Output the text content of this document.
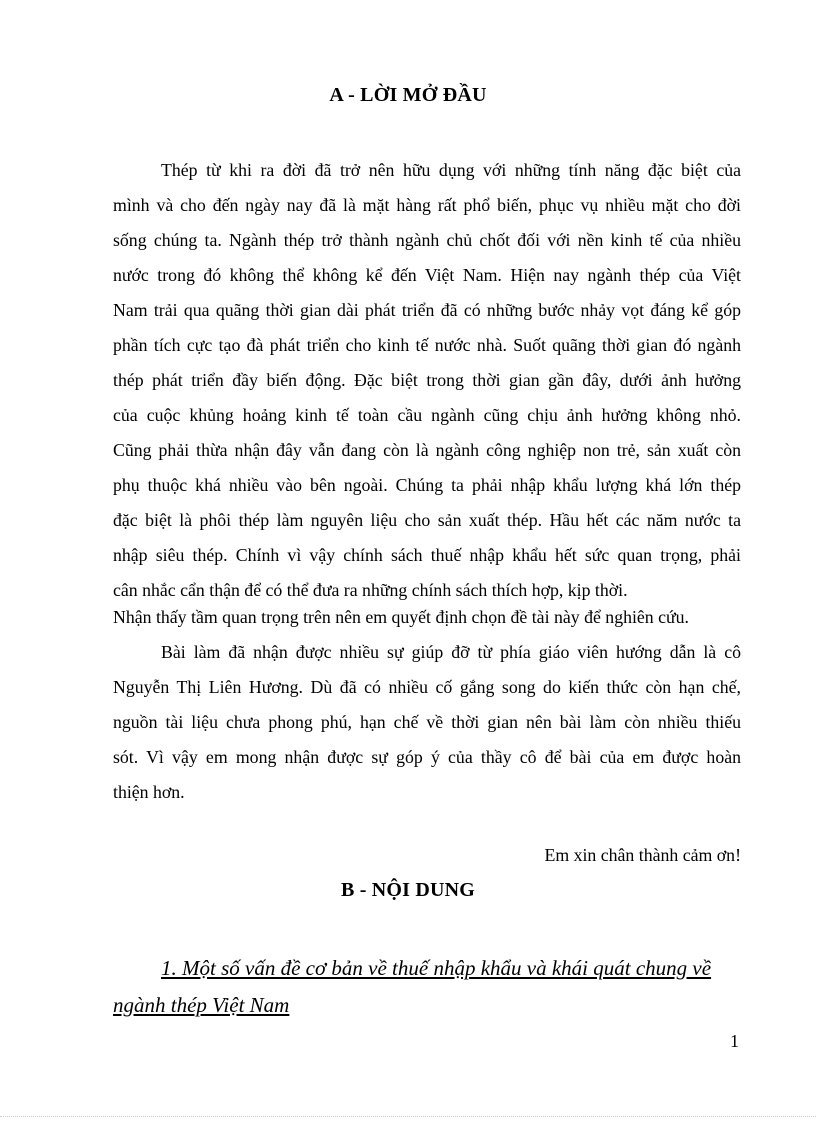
A - LỜI MỞ ĐẦU
Thép từ khi ra đời đã trở nên hữu dụng với những tính năng đặc biệt của
mình và cho đến ngày nay đã là mặt hàng rất phổ biến, phục vụ nhiều mặt cho đời
sống chúng ta. Ngành thép trở thành ngành chủ chốt đối với nền kinh tế của nhiều
nước trong đó không thể không kể đến Việt Nam. Hiện nay ngành thép của Việt
Nam trải qua quãng thời gian dài phát triển đã có những bước nhảy vọt đáng kể góp
phần tích cực tạo đà phát triển cho kinh tế nước nhà. Suốt quãng thời gian đó ngành
thép phát triển đầy biến động. Đặc biệt trong thời gian gần đây, dưới ảnh hưởng
của cuộc khủng hoảng kinh tế toàn cầu ngành cũng chịu ảnh hưởng không nhỏ.
Cũng phải thừa nhận đây vẫn đang còn là ngành công nghiệp non trẻ, sản xuất còn
phụ thuộc khá nhiều vào bên ngoài. Chúng ta phải nhập khẩu lượng khá lớn thép
đặc biệt là phôi thép làm nguyên liệu cho sản xuất thép. Hầu hết các năm nước ta
nhập siêu thép. Chính vì vậy chính sách thuế nhập khẩu hết sức quan trọng, phải
cân nhắc cẩn thận để có thể đưa ra những chính sách thích hợp, kịp thời.
Nhận thấy tầm quan trọng trên nên em quyết định chọn đề tài này để nghiên cứu.
Bài làm đã nhận được nhiều sự giúp đỡ từ phía giáo viên hướng dẫn là cô
Nguyễn Thị Liên Hương. Dù đã có nhiều cố gắng song do kiến thức còn hạn chế,
nguồn tài liệu chưa phong phú, hạn chế về thời gian nên bài làm còn nhiều thiếu
sót. Vì vậy em mong nhận được sự góp ý của thầy cô để bài của em được hoàn
thiện hơn.
Em xin chân thành cảm ơn!
B - NỘI DUNG
1. Một số vấn đề cơ bản về thuế nhập khẩu và khái quát chung về
ngành thép Việt Nam
1
